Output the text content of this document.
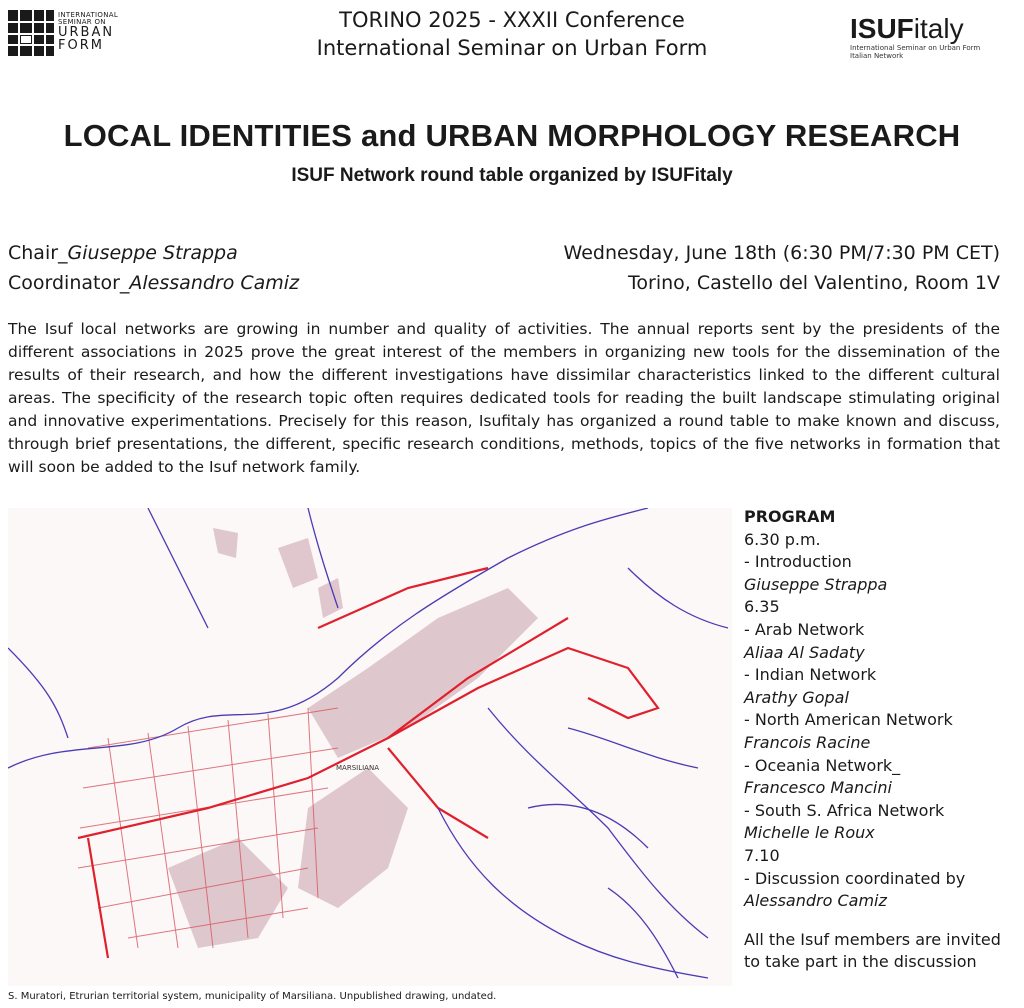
INTERNATIONAL
SEMINAR ON
URBAN
FORM
TORINO 2025 - XXXII Conference
International Seminar on Urban Form
ISUFitaly
International Seminar on Urban Form
Italian Network
LOCAL IDENTITIES and URBAN MORPHOLOGY RESEARCH
ISUF Network round table organized by ISUFitaly
Chair_Giuseppe Strappa
Coordinator_Alessandro Camiz
Wednesday, June 18th (6:30 PM/7:30 PM CET)
Torino, Castello del Valentino, Room 1V
The Isuf local networks are growing in number and quality of activities. The annual reports sent by the presidents of the different associations in 2025 prove the great interest of the members in organizing new tools for the dissemination of the results of their research, and how the different investigations have dissimilar characteristics linked to the different cultural areas. The specificity of the research topic often requires dedicated tools for reading the built landscape stimulating original and innovative experimentations. Precisely for this reason, Isufitaly has organized a round table to make known and discuss, through brief presentations, the different, specific research conditions, methods, topics of the five networks in formation that will soon be added to the Isuf network family.
MARSILIANA
S. Muratori, Etrurian territorial system, municipality of Marsiliana. Unpublished drawing, undated.
PROGRAM
6.30 p.m.
- Introduction
Giuseppe Strappa
6.35
- Arab Network
Aliaa Al Sadaty
- Indian Network
Arathy Gopal
- North American Network
Francois Racine
- Oceania Network_
Francesco Mancini
- South S. Africa Network
Michelle le Roux
7.10
- Discussion coordinated by
Alessandro Camiz
All the Isuf members are invited to take part in the discussion
